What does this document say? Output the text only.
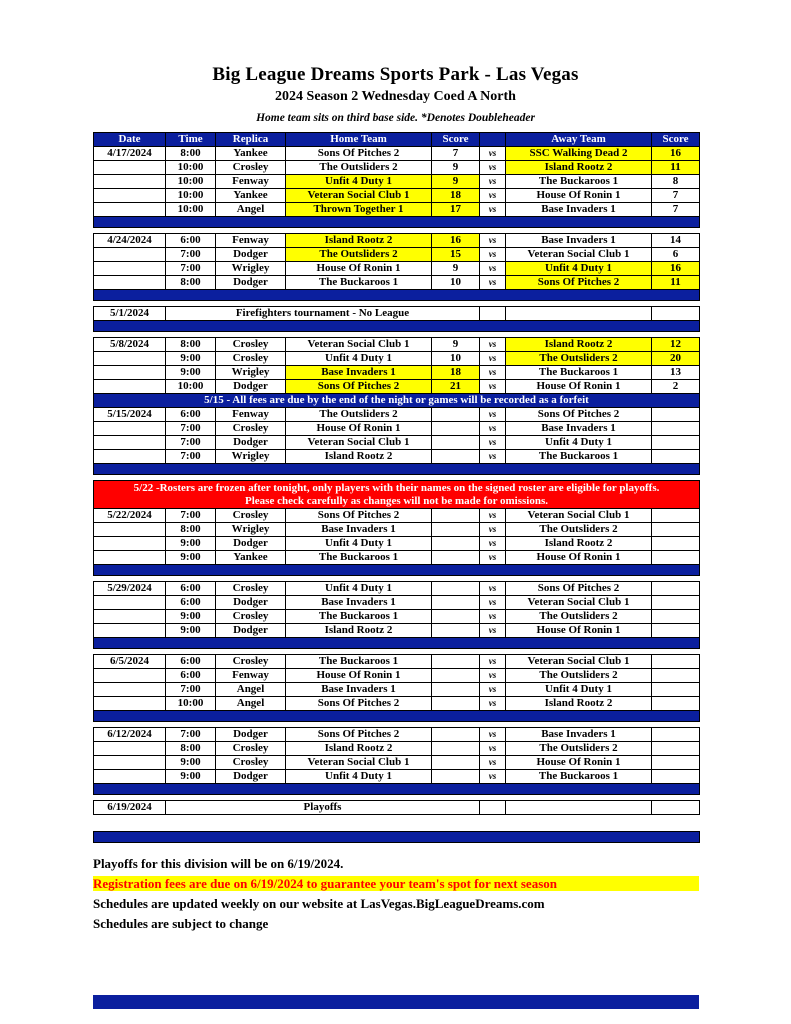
Big League Dreams Sports Park - Las Vegas
2024 Season 2 Wednesday Coed A North
Home team sits on third base side. *Denotes Doubleheader
Date	Time	Replica	Home Team	Score		Away Team	Score
4/17/2024	8:00	Yankee	Sons Of Pitches 2	7	vs	SSC Walking Dead 2	16
	10:00	Crosley	The Outsliders 2	9	vs	Island Rootz 2	11
	10:00	Fenway	Unfit 4 Duty 1	9	vs	The Buckaroos 1	8
	10:00	Yankee	Veteran Social Club 1	18	vs	House Of Ronin 1	7
	10:00	Angel	Thrown Together 1	17	vs	Base Invaders 1	7

4/24/2024	6:00	Fenway	Island Rootz 2	16	vs	Base Invaders 1	14
	7:00	Dodger	The Outsliders 2	15	vs	Veteran Social Club 1	6
	7:00	Wrigley	House Of Ronin 1	9	vs	Unfit 4 Duty 1	16
	8:00	Dodger	The Buckaroos 1	10	vs	Sons Of Pitches 2	11

5/1/2024	Firefighters tournament - No League						

5/8/2024	8:00	Crosley	Veteran Social Club 1	9	vs	Island Rootz 2	12
	9:00	Crosley	Unfit 4 Duty 1	10	vs	The Outsliders 2	20
	9:00	Wrigley	Base Invaders 1	18	vs	The Buckaroos 1	13
	10:00	Dodger	Sons Of Pitches 2	21	vs	House Of Ronin 1	2

5/15 - All fees are due by the end of the night or games will be recorded as a forfeit							

5/15/2024	6:00	Fenway	The Outsliders 2		vs	Sons Of Pitches 2	
	7:00	Crosley	House Of Ronin 1		vs	Base Invaders 1	
	7:00	Dodger	Veteran Social Club 1		vs	Unfit 4 Duty 1	
	7:00	Wrigley	Island Rootz 2		vs	The Buckaroos 1	

5/22 -Rosters are frozen after tonight, only players with their names on the signed roster are eligible for playoffs.
Please check carefully as changes will not be made for omissions.							

5/22/2024	7:00	Crosley	Sons Of Pitches 2		vs	Veteran Social Club 1	
	8:00	Wrigley	Base Invaders 1		vs	The Outsliders 2	
	9:00	Dodger	Unfit 4 Duty 1		vs	Island Rootz 2	
	9:00	Yankee	The Buckaroos 1		vs	House Of Ronin 1	

5/29/2024	6:00	Crosley	Unfit 4 Duty 1		vs	Sons Of Pitches 2	
	6:00	Dodger	Base Invaders 1		vs	Veteran Social Club 1	
	9:00	Crosley	The Buckaroos 1		vs	The Outsliders 2	
	9:00	Dodger	Island Rootz 2		vs	House Of Ronin 1	

6/5/2024	6:00	Crosley	The Buckaroos 1		vs	Veteran Social Club 1	
	6:00	Fenway	House Of Ronin 1		vs	The Outsliders 2	
	7:00	Angel	Base Invaders 1		vs	Unfit 4 Duty 1	
	10:00	Angel	Sons Of Pitches 2		vs	Island Rootz 2	

6/12/2024	7:00	Dodger	Sons Of Pitches 2		vs	Base Invaders 1	
	8:00	Crosley	Island Rootz 2		vs	The Outsliders 2	
	9:00	Crosley	Veteran Social Club 1		vs	House Of Ronin 1	
	9:00	Dodger	Unfit 4 Duty 1		vs	The Buckaroos 1	

6/19/2024	Playoffs						

Playoffs for this division will be on 6/19/2024.
Registration fees are due on 6/19/2024 to guarantee your team's spot for next season
Schedules are updated weekly on our website at LasVegas.BigLeagueDreams.com
Schedules are subject to change
